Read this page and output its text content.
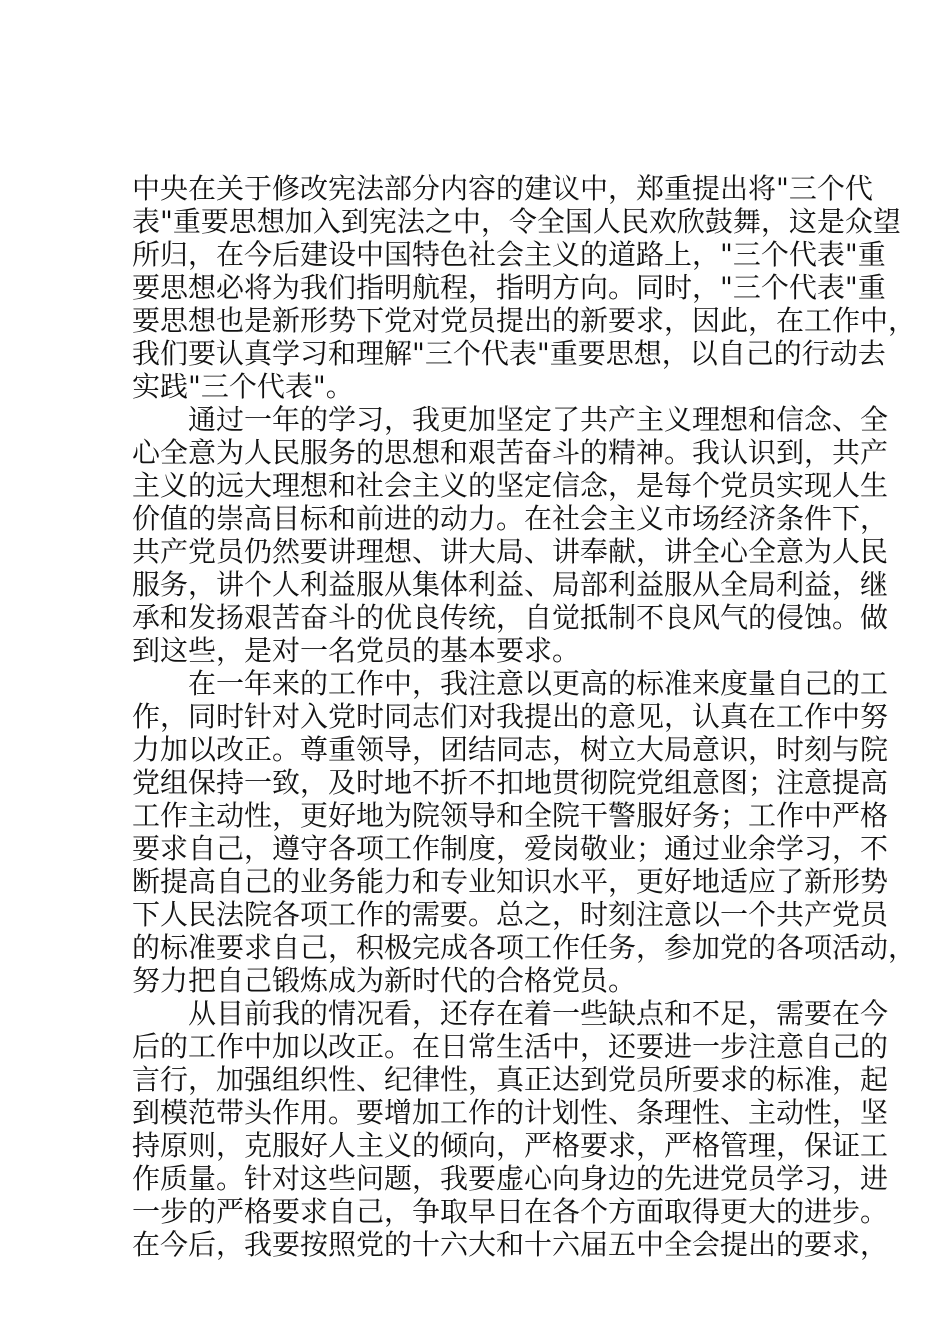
中央在关于修改宪法部分内容的建议中，郑重提出将"三个代
表"重要思想加入到宪法之中，令全国人民欢欣鼓舞，这是众望
所归，在今后建设中国特色社会主义的道路上，"三个代表"重
要思想必将为我们指明航程，指明方向。同时，"三个代表"重
要思想也是新形势下党对党员提出的新要求，因此，在工作中，
我们要认真学习和理解"三个代表"重要思想，以自己的行动去
实践"三个代表"。
　　通过一年的学习，我更加坚定了共产主义理想和信念、全
心全意为人民服务的思想和艰苦奋斗的精神。我认识到，共产
主义的远大理想和社会主义的坚定信念，是每个党员实现人生
价值的崇高目标和前进的动力。在社会主义市场经济条件下，
共产党员仍然要讲理想、讲大局、讲奉献，讲全心全意为人民
服务，讲个人利益服从集体利益、局部利益服从全局利益，继
承和发扬艰苦奋斗的优良传统，自觉抵制不良风气的侵蚀。做
到这些，是对一名党员的基本要求。
　　在一年来的工作中，我注意以更高的标准来度量自己的工
作，同时针对入党时同志们对我提出的意见，认真在工作中努
力加以改正。尊重领导，团结同志，树立大局意识，时刻与院
党组保持一致，及时地不折不扣地贯彻院党组意图；注意提高
工作主动性，更好地为院领导和全院干警服好务；工作中严格
要求自己，遵守各项工作制度，爱岗敬业；通过业余学习，不
断提高自己的业务能力和专业知识水平，更好地适应了新形势
下人民法院各项工作的需要。总之，时刻注意以一个共产党员
的标准要求自己，积极完成各项工作任务，参加党的各项活动，
努力把自己锻炼成为新时代的合格党员。
　　从目前我的情况看，还存在着一些缺点和不足，需要在今
后的工作中加以改正。在日常生活中，还要进一步注意自己的
言行，加强组织性、纪律性，真正达到党员所要求的标准，起
到模范带头作用。要增加工作的计划性、条理性、主动性，坚
持原则，克服好人主义的倾向，严格要求，严格管理，保证工
作质量。针对这些问题，我要虚心向身边的先进党员学习，进
一步的严格要求自己，争取早日在各个方面取得更大的进步。
在今后，我要按照党的十六大和十六届五中全会提出的要求，
